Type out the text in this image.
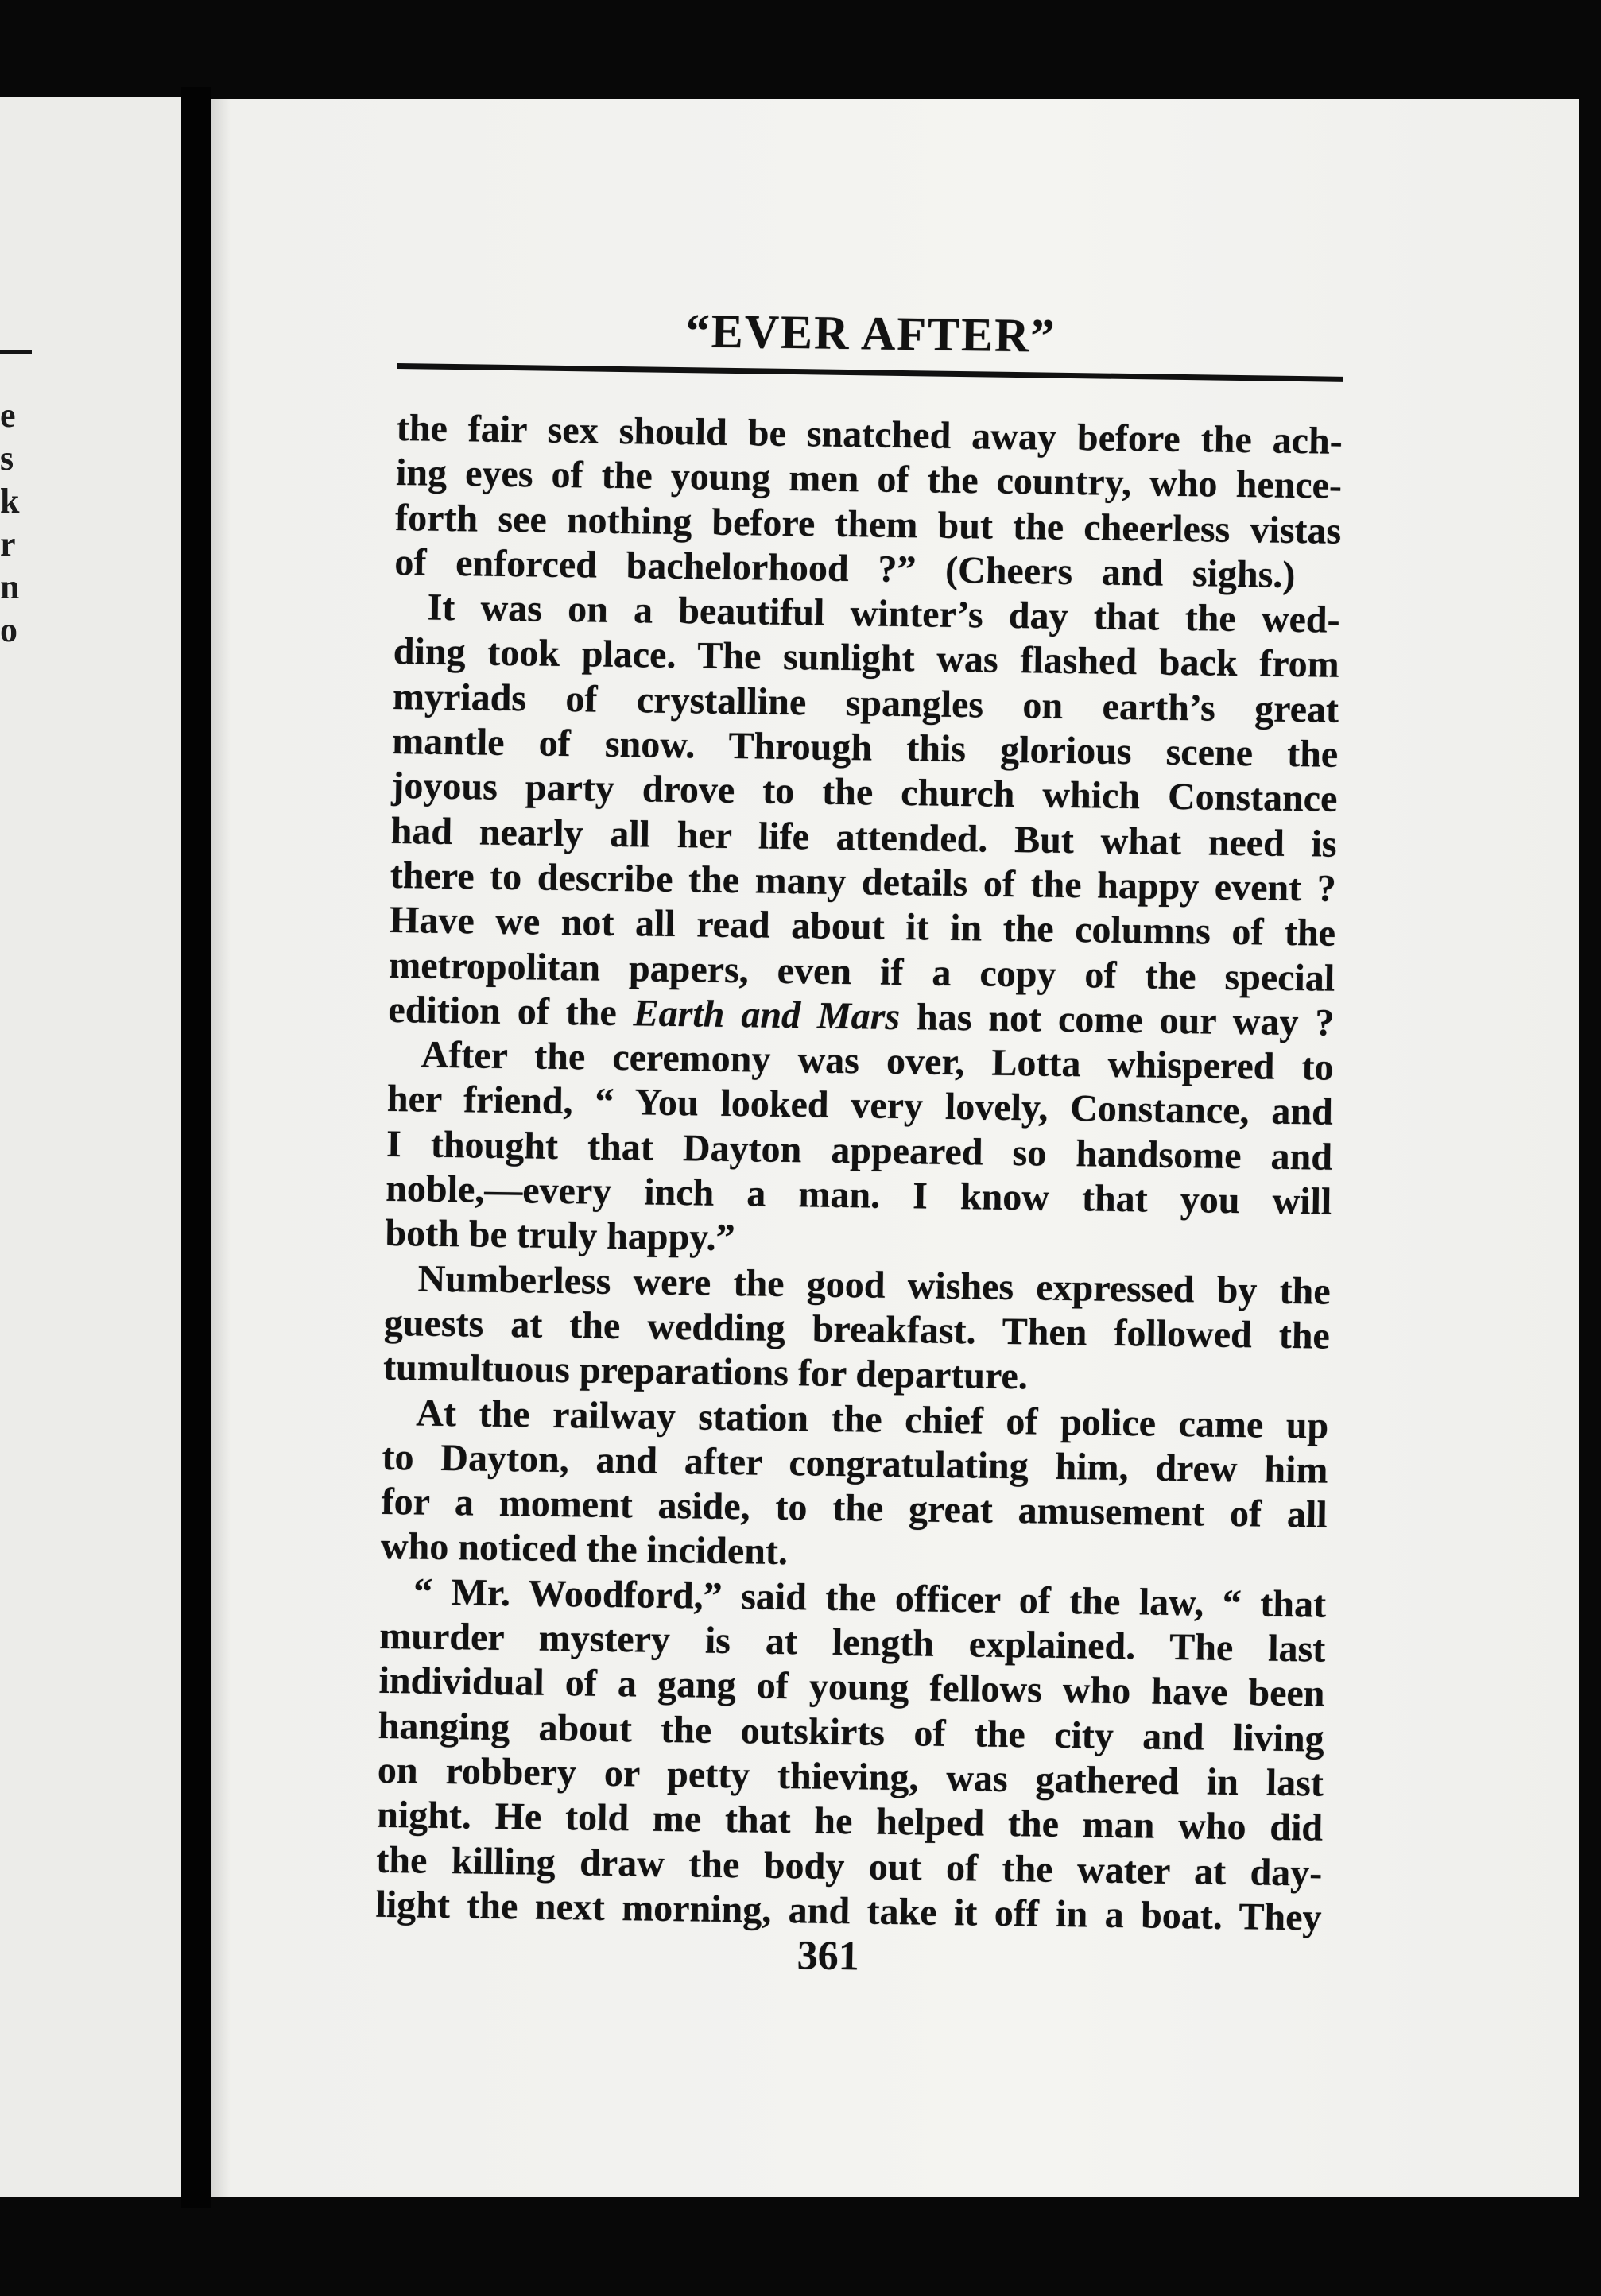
e
s
k
r
n
o
“EVER AFTER”
the fair sex should be snatched away before the ach-
ing eyes of the young men of the country, who hence-
forth see nothing before them but the cheerless vistas
of enforced bachelorhood ?” (Cheers and sighs.)
It was on a beautiful winter’s day that the wed-
ding took place. The sunlight was flashed back from
myriads of crystalline spangles on earth’s great
mantle of snow. Through this glorious scene the
joyous party drove to the church which Constance
had nearly all her life attended. But what need is
there to describe the many details of the happy event ?
Have we not all read about it in the columns of the
metropolitan papers, even if a copy of the special
edition of the Earth and Mars has not come our way ?
After the ceremony was over, Lotta whispered to
her friend, “ You looked very lovely, Constance, and
I thought that Dayton appeared so handsome and
noble,—every inch a man. I know that you will
both be truly happy.”
Numberless were the good wishes expressed by the
guests at the wedding breakfast. Then followed the
tumultuous preparations for departure.
At the railway station the chief of police came up
to Dayton, and after congratulating him, drew him
for a moment aside, to the great amusement of all
who noticed the incident.
“ Mr. Woodford,” said the officer of the law, “ that
murder mystery is at length explained. The last
individual of a gang of young fellows who have been
hanging about the outskirts of the city and living
on robbery or petty thieving, was gathered in last
night. He told me that he helped the man who did
the killing draw the body out of the water at day-
light the next morning, and take it off in a boat. They
361
